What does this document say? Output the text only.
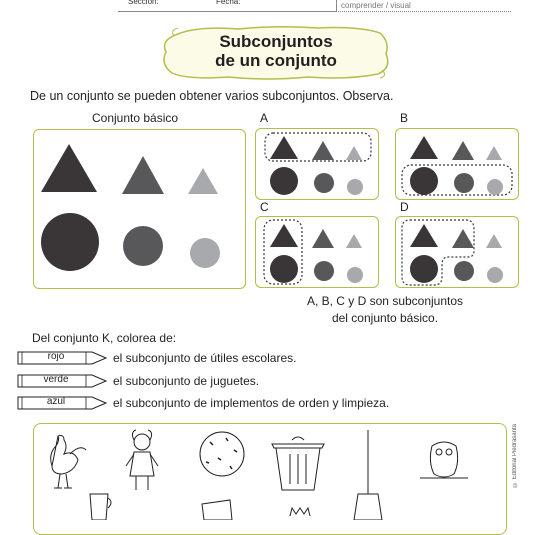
Sección:	Fecha:	comprender / visual
Subconjuntos
de un conjunto
De un conjunto se pueden obtener varios subconjuntos. Observa.
Conjunto básico	A	B
C	D
A, B, C y D son subconjuntos
del conjunto básico.
Del conjunto K, colorea de:
rojo	el subconjunto de útiles escolares.
verde	el subconjunto de juguetes.
azul	el subconjunto de implementos de orden y limpieza.
© Editorial Piedrasanta
